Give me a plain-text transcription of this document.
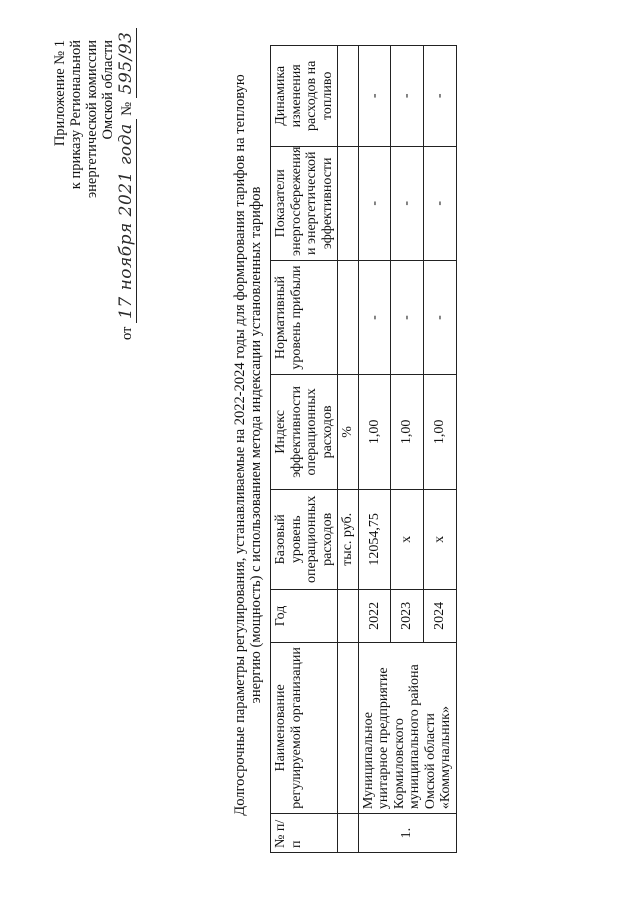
Приложение № 1 к приказу Региональной энергетической комиссии Омской области
от 17 ноября 2021 года № 595/93
Долгосрочные параметры регулирования, устанавливаемые на 2022-2024 годы для формирования тарифов на тепловую энергию (мощность) с использованием метода индексации установленных тарифов
№ п/ п	Наименование регулируемой организации	Год	Базовый уровень операционных расходов	Индекс эффективности операционных расходов	Нормативный уровень прибыли	Показатели энергосбережения и энергетической эффективности	Динамика изменения расходов на топливо
			тыс. руб.	%			
1.	Муниципальное унитарное предприятие Кормиловского муниципального района Омской области «Коммунальник»	2022	12054,75	1,00	-	-	-
		2023	x	1,00	-	-	-
		2024	x	1,00	-	-	-
